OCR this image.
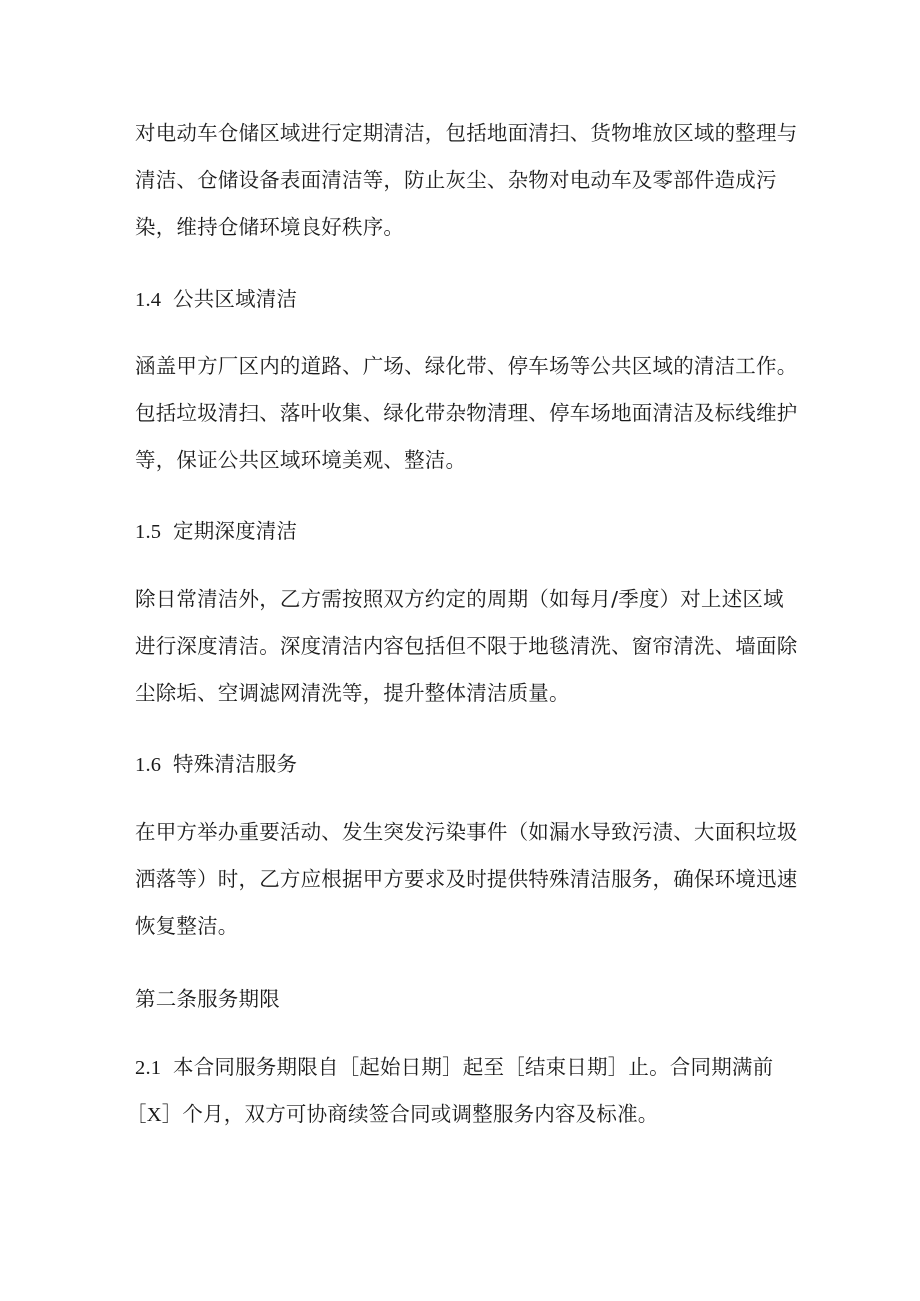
对电动车仓储区域进行定期清洁，包括地面清扫、货物堆放区域的整理与
清洁、仓储设备表面清洁等，防止灰尘、杂物对电动车及零部件造成污
染，维持仓储环境良好秩序。
1.4 公共区域清洁
涵盖甲方厂区内的道路、广场、绿化带、停车场等公共区域的清洁工作。
包括垃圾清扫、落叶收集、绿化带杂物清理、停车场地面清洁及标线维护
等，保证公共区域环境美观、整洁。
1.5 定期深度清洁
除日常清洁外，乙方需按照双方约定的周期（如每月/季度）对上述区域
进行深度清洁。深度清洁内容包括但不限于地毯清洗、窗帘清洗、墙面除
尘除垢、空调滤网清洗等，提升整体清洁质量。
1.6 特殊清洁服务
在甲方举办重要活动、发生突发污染事件（如漏水导致污渍、大面积垃圾
洒落等）时，乙方应根据甲方要求及时提供特殊清洁服务，确保环境迅速
恢复整洁。
第二条服务期限
2.1 本合同服务期限自［起始日期］起至［结束日期］止。合同期满前
［X］个月，双方可协商续签合同或调整服务内容及标准。
